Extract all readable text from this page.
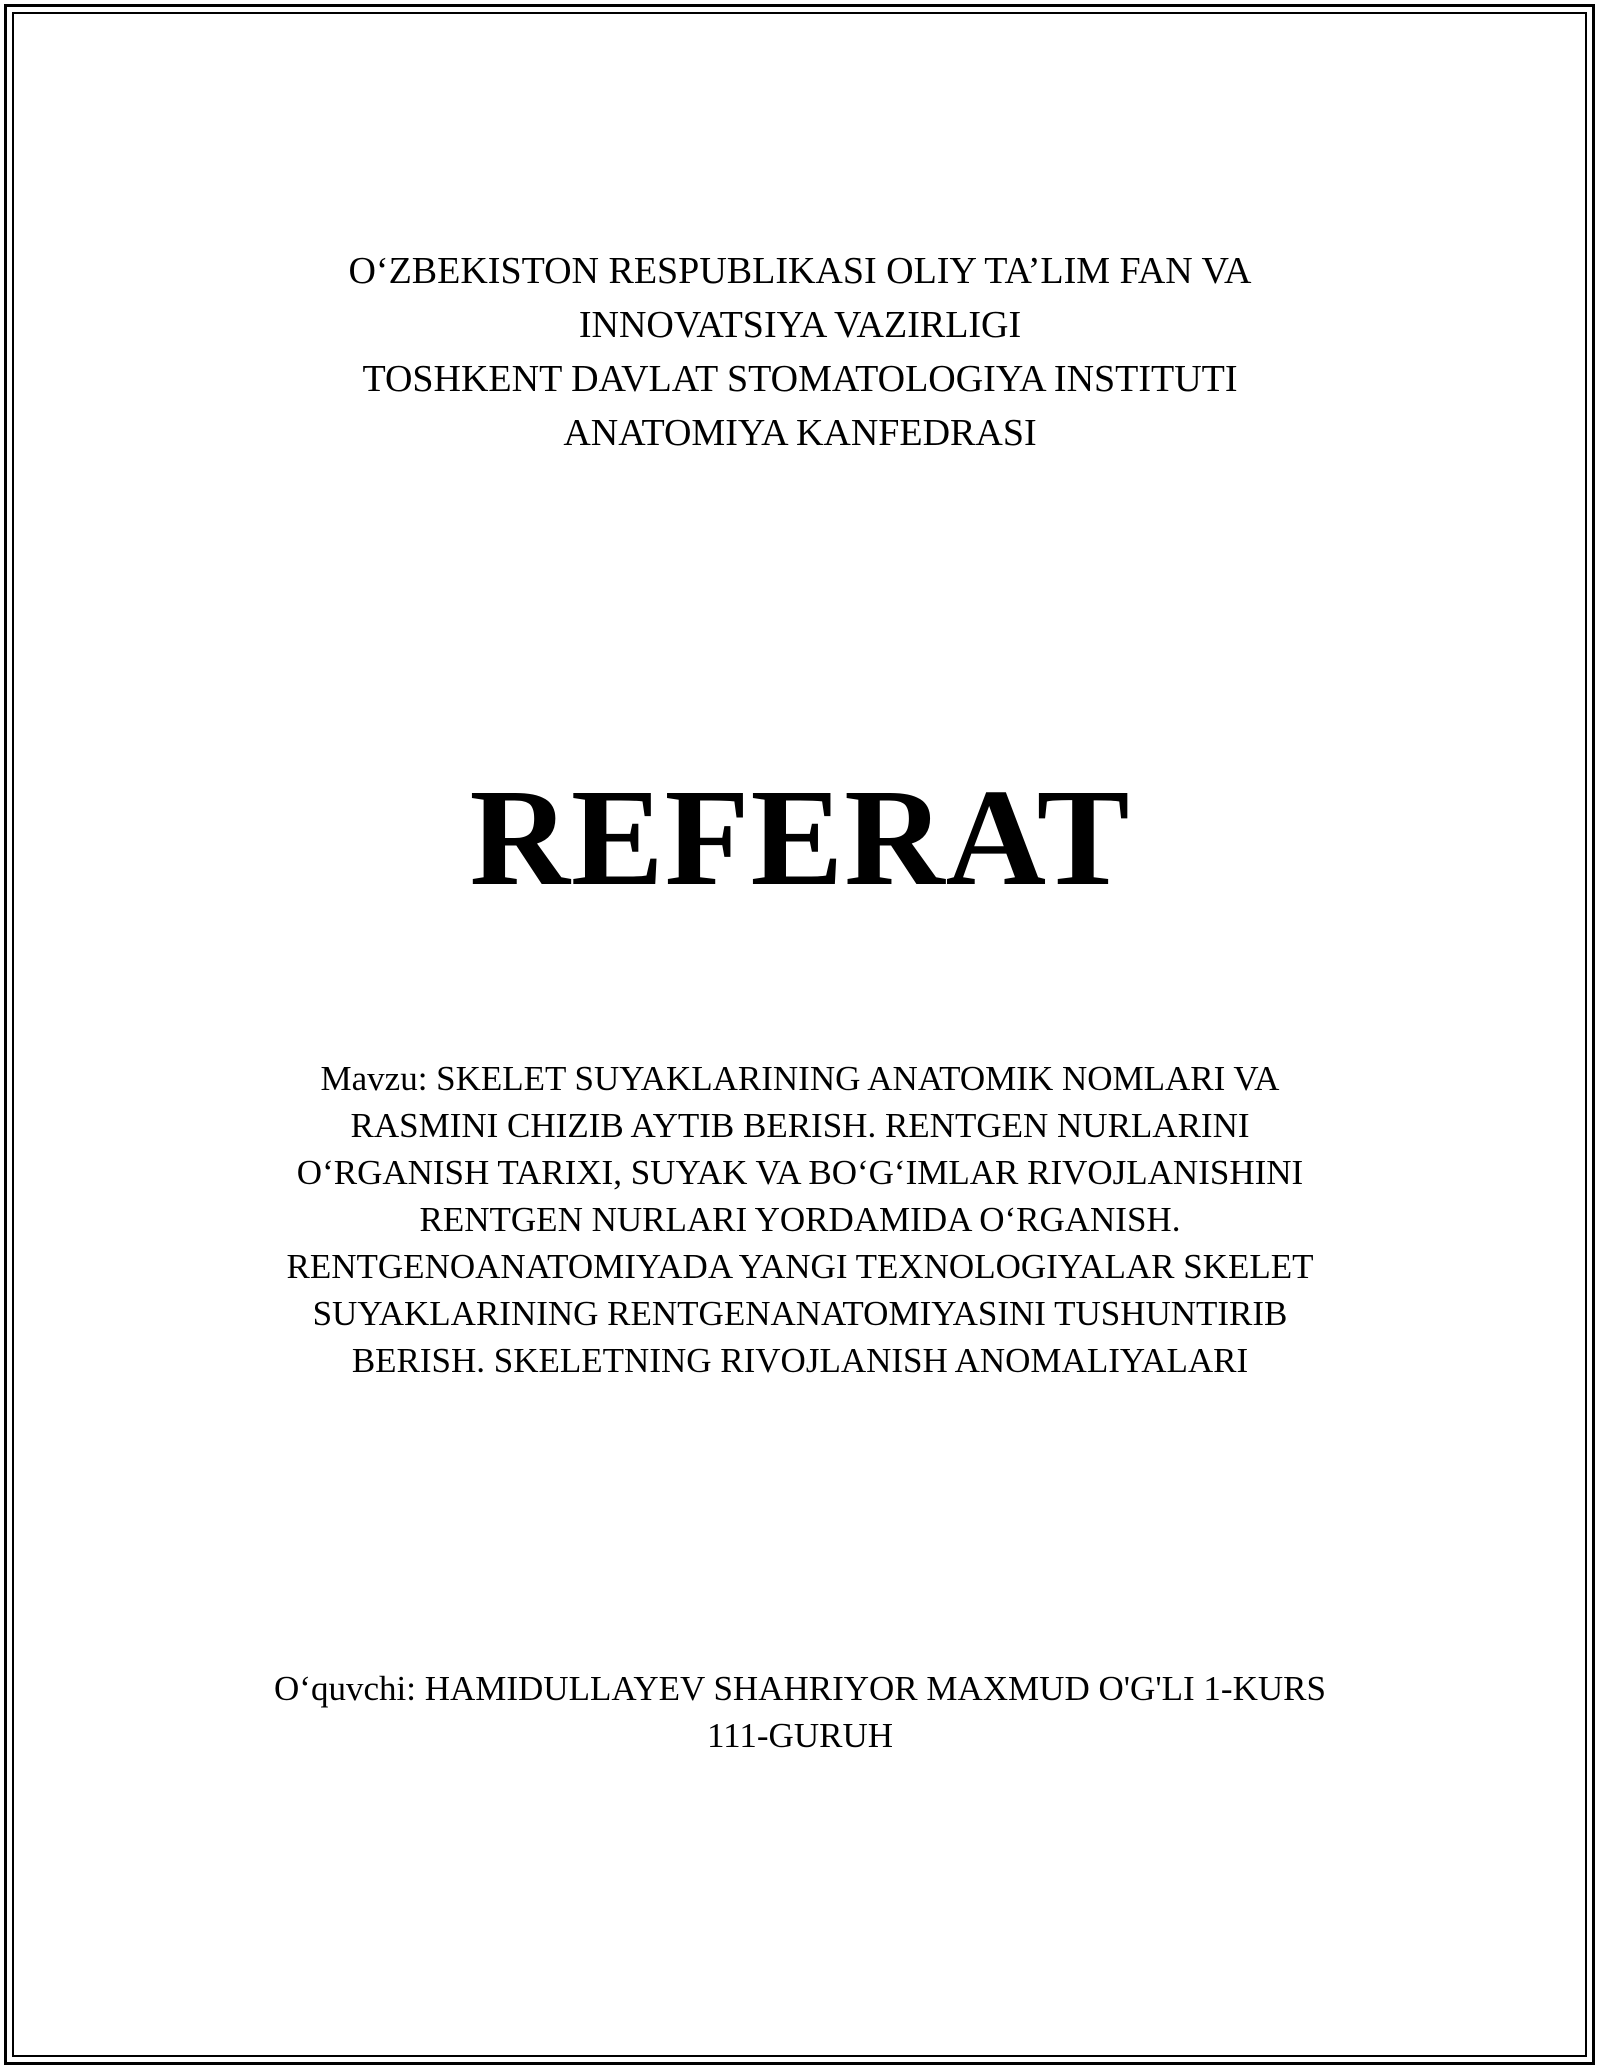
O‘ZBEKISTON RESPUBLIKASI OLIY TA’LIM FAN VA
INNOVATSIYA VAZIRLIGI
TOSHKENT DAVLAT STOMATOLOGIYA INSTITUTI
ANATOMIYA KANFEDRASI
REFERAT
Mavzu: SKELET SUYAKLARINING ANATOMIK NOMLARI VA
RASMINI CHIZIB AYTIB BERISH. RENTGEN NURLARINI
O‘RGANISH TARIXI, SUYAK VA BO‘G‘IMLAR RIVOJLANISHINI
RENTGEN NURLARI YORDAMIDA O‘RGANISH.
RENTGENOANATOMIYADA YANGI TEXNOLOGIYALAR SKELET
SUYAKLARINING RENTGENANATOMIYASINI TUSHUNTIRIB
BERISH. SKELETNING RIVOJLANISH ANOMALIYALARI
O‘quvchi: HAMIDULLAYEV SHAHRIYOR MAXMUD O'G'LI 1-KURS
111-GURUH
